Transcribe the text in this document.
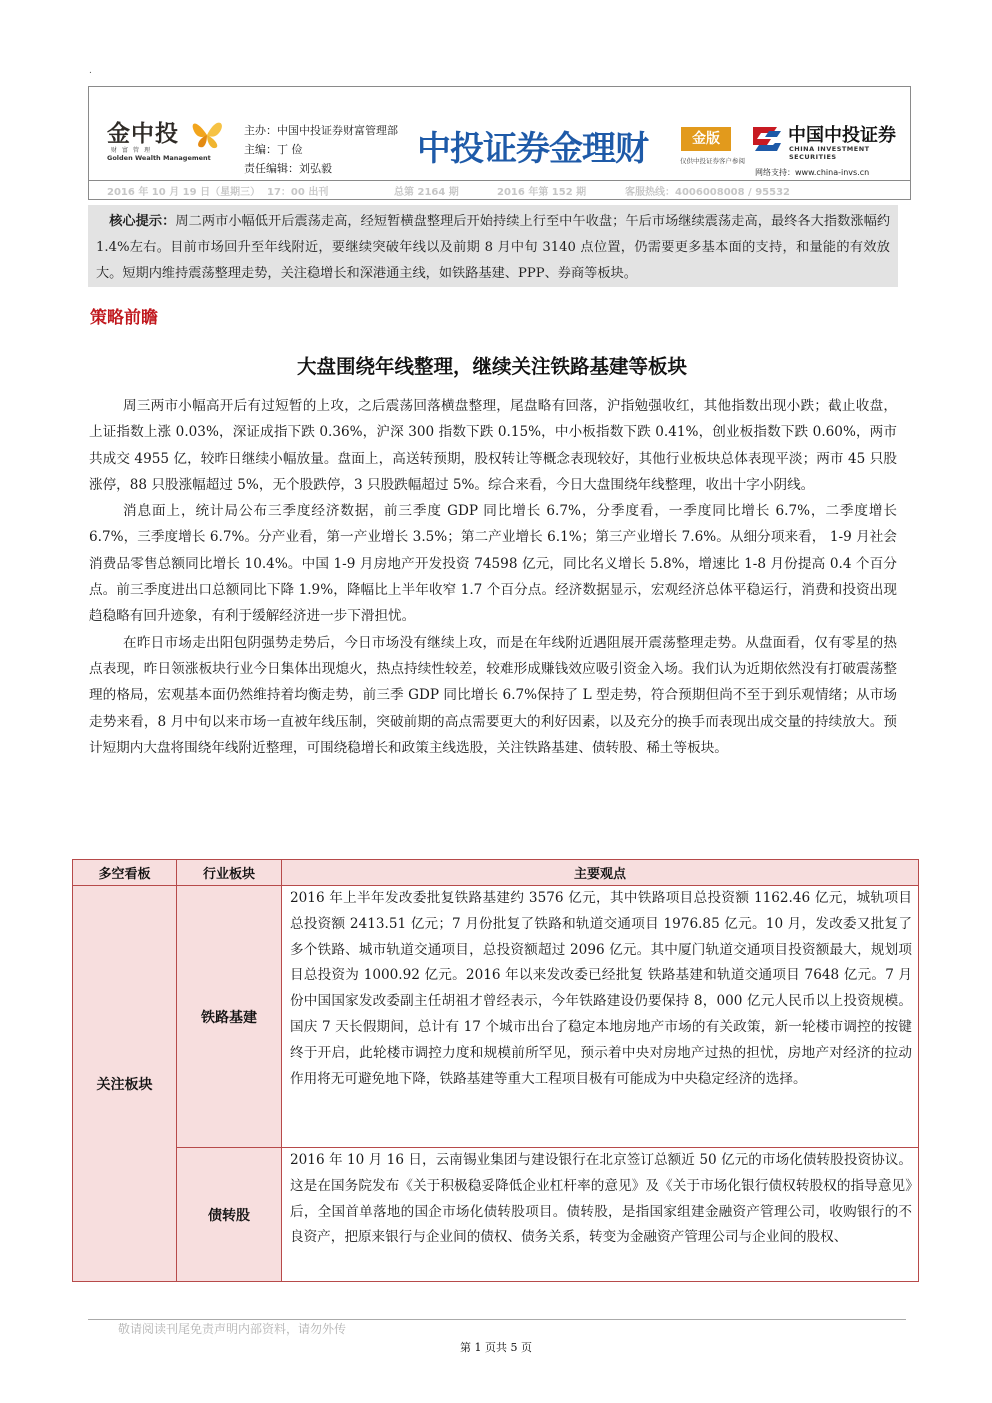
.
金中投
财富管理
Golden Wealth Management
主办：中国中投证券财富管理部
主编：丁 俭
责任编辑：刘弘毅	中投证券金理财	金版
仅供中投证券客户参阅
中国中投证券
CHINA INVESTMENT SECURITIES
网络支持：www.china-invs.cn
2016 年 10 月 19 日（星期三） 17：00 出刊	总第 2164 期	2016 年第 152 期	客服热线：4006008008 / 95532
核心提示：周二两市小幅低开后震荡走高，经短暂横盘整理后开始持续上行至中午收盘；午后市场继续震荡走高，最终各大指数涨幅约 1.4%左右。目前市场回升至年线附近，要继续突破年线以及前期 8 月中旬 3140 点位置，仍需要更多基本面的支持，和量能的有效放大。短期内维持震荡整理走势，关注稳增长和深港通主线，如铁路基建、PPP、券商等板块。
策略前瞻
大盘围绕年线整理，继续关注铁路基建等板块

周三两市小幅高开后有过短暂的上攻，之后震荡回落横盘整理，尾盘略有回落，沪指勉强收红，其他指数出现小跌；截止收盘，上证指数上涨 0.03%，深证成指下跌 0.36%，沪深 300 指数下跌 0.15%，中小板指数下跌 0.41%，创业板指数下跌 0.60%，两市共成交 4955 亿，较昨日继续小幅放量。盘面上，高送转预期，股权转让等概念表现较好，其他行业板块总体表现平淡；两市 45 只股涨停，88 只股涨幅超过 5%，无个股跌停，3 只股跌幅超过 5%。综合来看，今日大盘围绕年线整理，收出十字小阴线。

消息面上，统计局公布三季度经济数据，前三季度 GDP 同比增长 6.7%，分季度看，一季度同比增长 6.7%，二季度增长 6.7%，三季度增长 6.7%。分产业看，第一产业增长 3.5%；第二产业增长 6.1%；第三产业增长 7.6%。从细分项来看， 1-9 月社会消费品零售总额同比增长 10.4%。中国 1-9 月房地产开发投资 74598 亿元，同比名义增长 5.8%，增速比 1-8 月份提高 0.4 个百分点。前三季度进出口总额同比下降 1.9%，降幅比上半年收窄 1.7 个百分点。经济数据显示，宏观经济总体平稳运行，消费和投资出现趋稳略有回升迹象，有利于缓解经济进一步下滑担忧。

在昨日市场走出阳包阴强势走势后，今日市场没有继续上攻，而是在年线附近遇阻展开震荡整理走势。从盘面看，仅有零星的热点表现，昨日领涨板块行业今日集体出现熄火，热点持续性较差，较难形成赚钱效应吸引资金入场。我们认为近期依然没有打破震荡整理的格局，宏观基本面仍然维持着均衡走势，前三季 GDP 同比增长 6.7%保持了 L 型走势，符合预期但尚不至于到乐观情绪；从市场走势来看，8 月中旬以来市场一直被年线压制，突破前期的高点需要更大的利好因素，以及充分的换手而表现出成交量的持续放大。预计短期内大盘将围绕年线附近整理，可围绕稳增长和政策主线选股，关注铁路基建、债转股、稀土等板块。

多空看板	行业板块	主要观点
关注板块	铁路基建	2016 年上半年发改委批复铁路基建约 3576 亿元，其中铁路项目总投资额 1162.46 亿元，城轨项目总投资额 2413.51 亿元；7 月份批复了铁路和轨道交通项目 1976.85 亿元。10 月，发改委又批复了多个铁路、城市轨道交通项目，总投资额超过 2096 亿元。其中厦门轨道交通项目投资额最大，规划项目总投资为 1000.92 亿元。2016 年以来发改委已经批复 铁路基建和轨道交通项目 7648 亿元。7 月份中国国家发改委副主任胡祖才曾经表示，今年铁路建设仍要保持 8，000 亿元人民币以上投资规模。国庆 7 天长假期间，总计有 17 个城市出台了稳定本地房地产市场的有关政策，新一轮楼市调控的按键终于开启，此轮楼市调控力度和规模前所罕见，预示着中央对房地产过热的担忧，房地产对经济的拉动作用将无可避免地下降，铁路基建等重大工程项目极有可能成为中央稳定经济的选择。
	债转股	2016 年 10 月 16 日，云南锡业集团与建设银行在北京签订总额近 50 亿元的市场化债转股投资协议。这是在国务院发布《关于积极稳妥降低企业杠杆率的意见》及《关于市场化银行债权转股权的指导意见》后，全国首单落地的国企市场化债转股项目。债转股，是指国家组建金融资产管理公司，收购银行的不良资产，把原来银行与企业间的债权、债务关系，转变为金融资产管理公司与企业间的股权、
敬请阅读刊尾免责声明内部资料，请勿外传
第 1 页共 5 页
